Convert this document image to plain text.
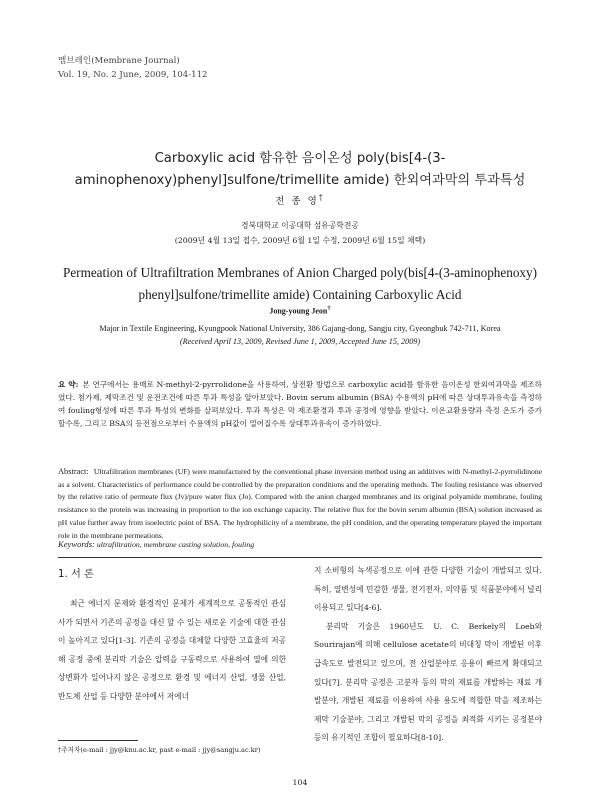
멤브레인(Membrane Journal)
Vol. 19, No. 2 June, 2009, 104-112
Carboxylic acid 함유한 음이온성 poly(bis[4-(3-aminophenoxy)phenyl]sulfone/trimellite amide) 한외여과막의 투과특성
전 종 영†
경북대학교 이공대학 섬유공학전공
(2009년 4월 13일 접수, 2009년 6월 1일 수정, 2009년 6월 15일 채택)
Permeation of Ultrafiltration Membranes of Anion Charged poly(bis[4-(3-aminophenoxy) phenyl]sulfone/trimellite amide) Containing Carboxylic Acid
Jong-young Jeon†
Major in Textile Engineering, Kyungpook National University, 386 Gajang-dong, Sangju city, Gyeongbuk 742-711, Korea
(Received April 13, 2009, Revised June 1, 2009, Accepted June 15, 2009)
요 약: 본 연구에서는 용매로 N-methyl-2-pyrrolidone을 사용하여, 상전환 방법으로 carboxylic acid를 함유한 음이온성 한외여과막을 제조하였다. 첨가제, 제막조건 및 운전조건에 따른 투과 특성을 알아보았다. Bovin serum albumin (BSA) 수용액의 pH에 따른 상대투과유속을 측정하여 fouling형성에 따른 투과 특성의 변화를 살펴보았다. 투과 특성은 막 제조환경과 투과 공정에 영향을 받았다. 이온교환용량과 측정 온도가 증가할수록, 그리고 BSA의 등전점으로부터 수용액의 pH값이 멀어질수록 상대투과유속이 증가하였다.
Abstract: Ultrafiltration membranes (UF) were manufactured by the conventional phase inversion method using an additives with N-methyl-2-pyrrolidinone as a solvent. Characteristics of performance could be controlled by the preparation conditions and the operating methods. The fouling resistance was observed by the relative ratio of permeate flux (Jv)/pure water flux (Jo). Compared with the anion charged membranes and its original polyamide membrane, fouling resistance to the protein was increasing in proportion to the ion exchange capacity. The relative flux for the bovin serum albumin (BSA) solution increased as pH value further away from isoelectric point of BSA. The hydrophilicity of a membrane, the pH condition, and the operating temperature played the important role in the membrane permeations.
Keywords: ultrafiltration, membrane casting solution, fouling
1. 서 론

최근 에너지 문제와 환경적인 문제가 세계적으로 공통적인 관심사가 되면서 기존의 공정을 대신 할 수 있는 새로운 기술에 대한 관심이 높아지고 있다[1-3]. 기존의 공정을 대체할 다양한 고효율의 저공해 공정 중에 분리막 기술은 압력을 구동력으로 사용하여 열에 의한 상변화가 일어나지 않은 공정으로 환경 및 에너지 산업, 생물 산업, 반도체 산업 등 다양한 분야에서 저에너

지 소비형의 녹색공정으로 이에 관한 다양한 기술이 개발되고 있다. 특히, 열변성에 민감한 생물, 전기전자, 의약품 및 식품분야에서 널리 이용되고 있다[4-6].

분리막 기술은 1960년도 U. C. Berkely의 Loeb와 Sourirajan에 의해 cellulose acetate의 비대칭 막이 개발된 이후 급속도로 발전되고 있으며, 전 산업분야로 응용이 빠르게 확대되고 있다[7]. 분리막 공정은 고분자 등의 막의 재료를 개발하는 재료 개발분야, 개발된 재료를 이용하여 사용 용도에 적합한 막을 제조하는 제막 기술분야, 그리고 개발된 막의 공정을 최적화 시키는 공정분야 등의 유기적인 조합이 필요하다[8-10].

†주저자(e-mail : jjy@knu.ac.kr, past e-mail : jjy@sangju.ac.kr)
104
